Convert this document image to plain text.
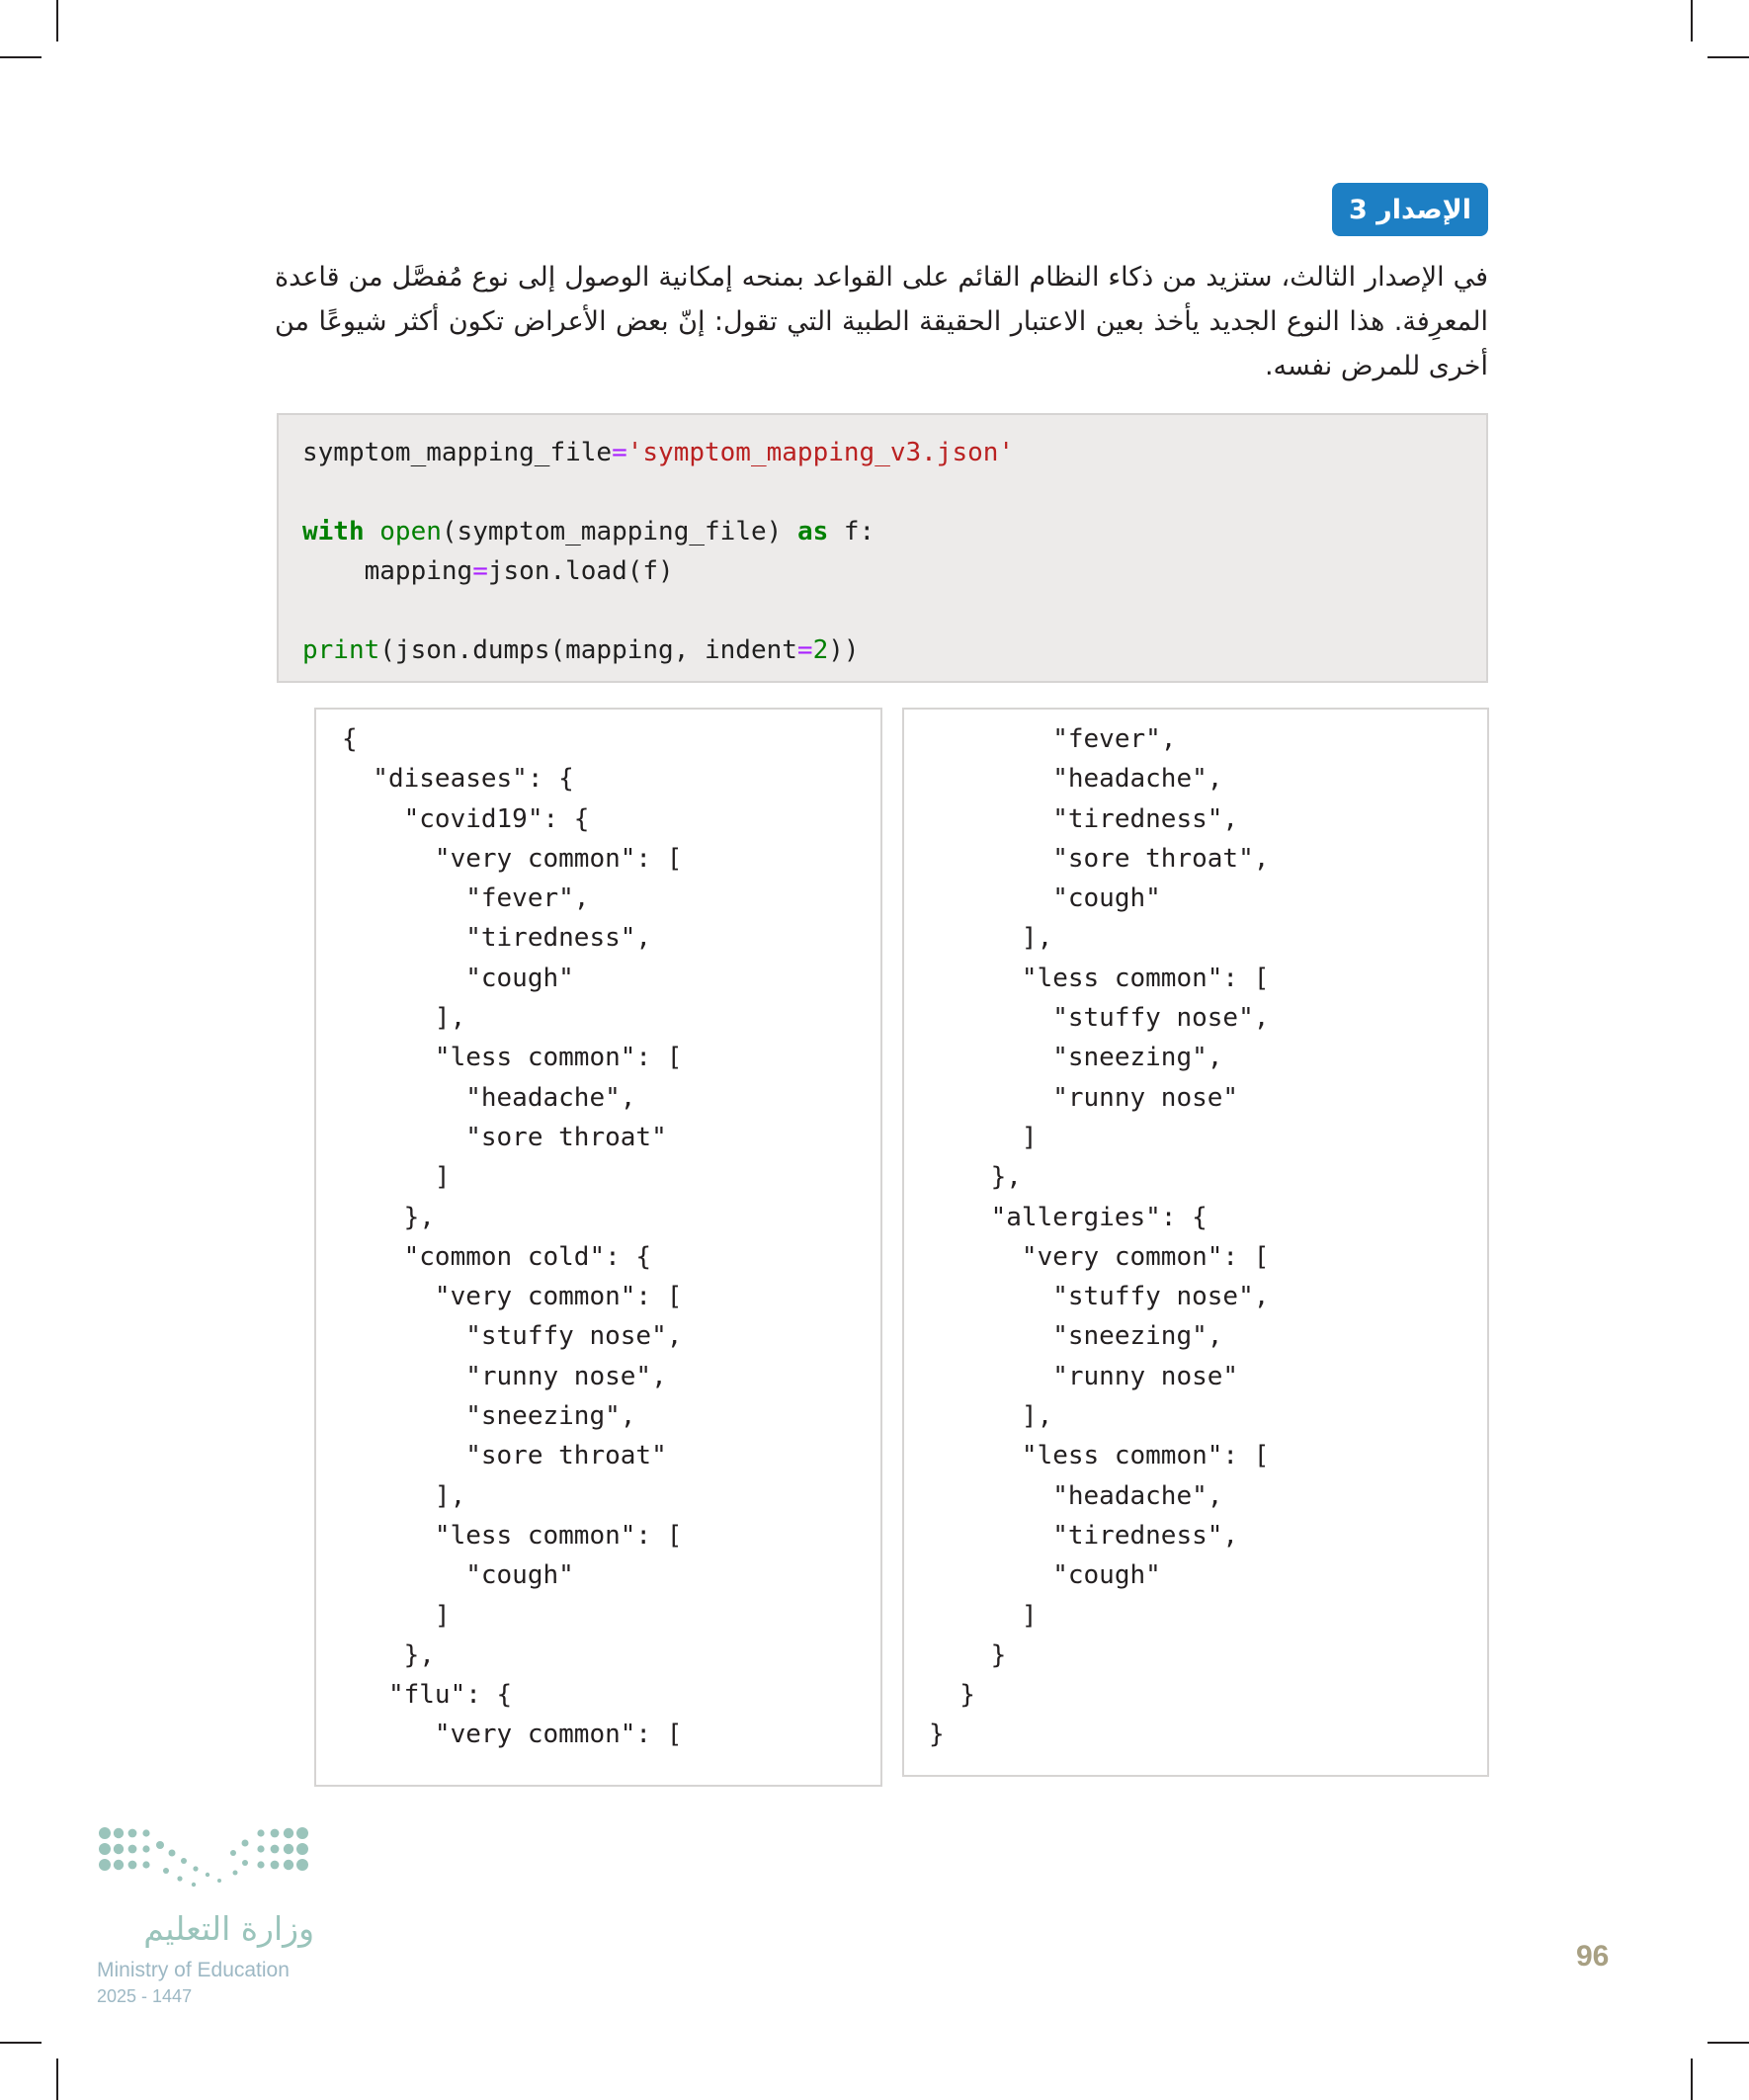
الإصدار 3

في الإصدار الثالث، ستزيد من ذكاء النظام القائم على القواعد بمنحه إمكانية الوصول إلى نوع مُفصَّل من قاعدة المعرِفة. هذا النوع الجديد يأخذ بعين الاعتبار الحقيقة الطبية التي تقول: إنّ بعض الأعراض تكون أكثر شيوعًا من أخرى للمرض نفسه.

symptom_mapping_file='symptom_mapping_v3.json'

with open(symptom_mapping_file) as f:
mapping=json.load(f)

print(json.dumps(mapping, indent=2))
{
"diseases": {
"covid19": {
"very common": [
"fever",
"tiredness",
"cough"
],
"less common": [
"headache",
"sore throat"
]
},
"common cold": {
"very common": [
"stuffy nose",
"runny nose",
"sneezing",
"sore throat"
],
"less common": [
"cough"
]
},
"flu": {
"very common": [
"fever",
"headache",
"tiredness",
"sore throat",
"cough"
],
"less common": [
"stuffy nose",
"sneezing",
"runny nose"
]
},
"allergies": {
"very common": [
"stuffy nose",
"sneezing",
"runny nose"
],
"less common": [
"headache",
"tiredness",
"cough"
]
}
}
}

وزارة التعليم

Ministry of Education

2025 - 1447

96
